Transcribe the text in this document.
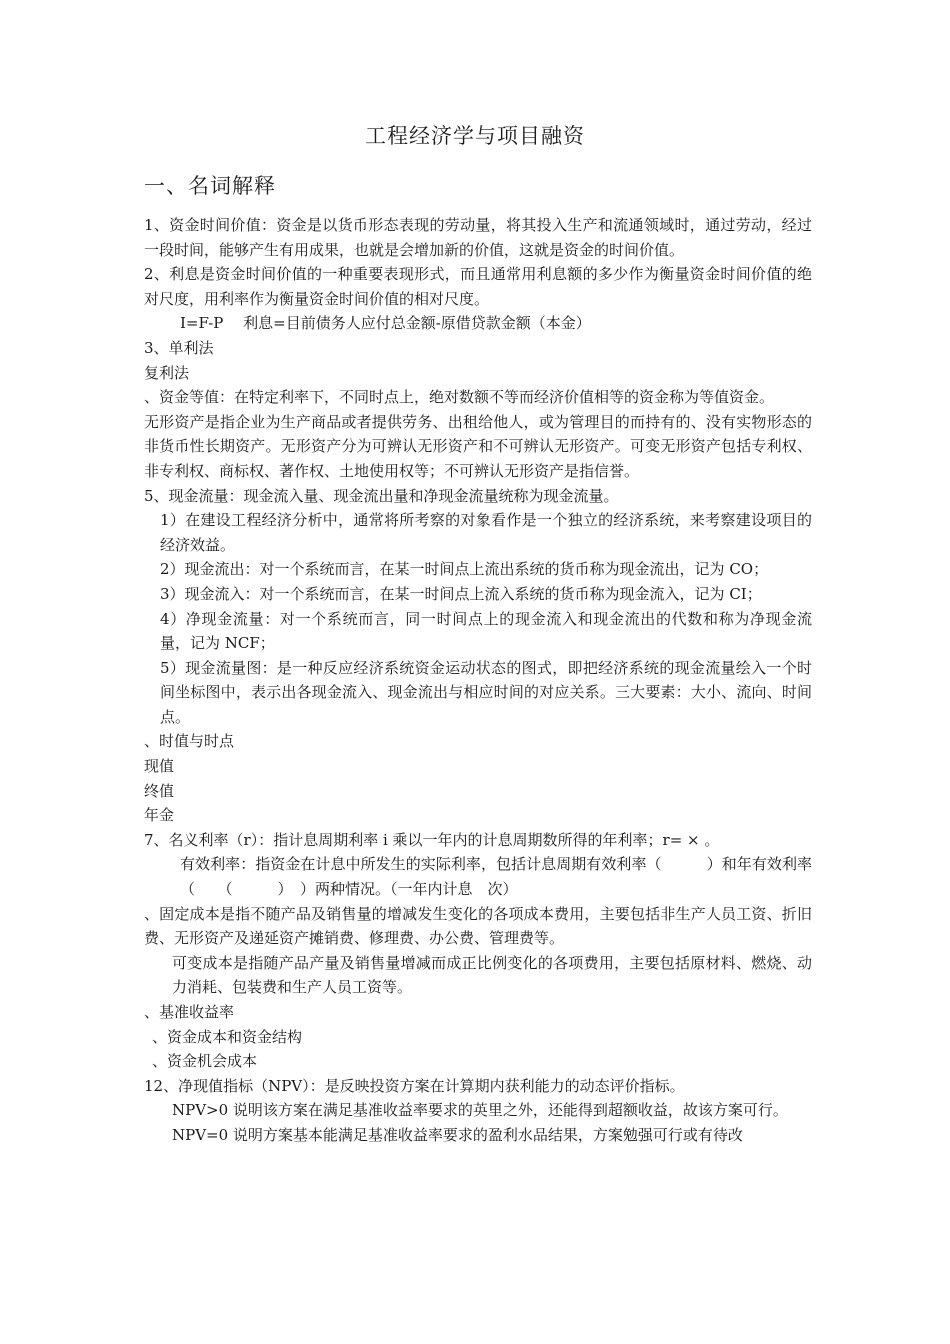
工程经济学与项目融资
一、名词解释

1、资金时间价值：资金是以货币形态表现的劳动量，将其投入生产和流通领域时，通过劳动，经过一段时间，能够产生有用成果，也就是会增加新的价值，这就是资金的时间价值。

2、利息是资金时间价值的一种重要表现形式，而且通常用利息额的多少作为衡量资金时间价值的绝对尺度，用利率作为衡量资金时间价值的相对尺度。

I=F-P　 利息=目前债务人应付总金额-原借贷款金额（本金）

3、单利法

复利法

、资金等值：在特定利率下，不同时点上，绝对数额不等而经济价值相等的资金称为等值资金。

无形资产是指企业为生产商品或者提供劳务、出租给他人，或为管理目的而持有的、没有实物形态的非货币性长期资产。无形资产分为可辨认无形资产和不可辨认无形资产。可变无形资产包括专利权、非专利权、商标权、著作权、土地使用权等；不可辨认无形资产是指信誉。

5、现金流量：现金流入量、现金流出量和净现金流量统称为现金流量。

1）在建设工程经济分析中，通常将所考察的对象看作是一个独立的经济系统，来考察建设项目的经济效益。

2）现金流出：对一个系统而言，在某一时间点上流出系统的货币称为现金流出，记为 CO；

3）现金流入：对一个系统而言，在某一时间点上流入系统的货币称为现金流入，记为 CI；

4）净现金流量：对一个系统而言，同一时间点上的现金流入和现金流出的代数和称为净现金流量，记为 NCF；

5）现金流量图：是一种反应经济系统资金运动状态的图式，即把经济系统的现金流量绘入一个时间坐标图中，表示出各现金流入、现金流出与相应时间的对应关系。三大要素：大小、流向、时间点。

、时值与时点

现值

终值

年金

7、名义利率（r）：指计息周期利率 i 乘以一年内的计息周期数所得的年利率；r= × 。

有效利率：指资金在计息中所发生的实际利率，包括计息周期有效利率（　　　）和年有效利率（　　（　　　）　）两种情况。（一年内计息　次）

、固定成本是指不随产品及销售量的增减发生变化的各项成本费用，主要包括非生产人员工资、折旧费、无形资产及递延资产摊销费、修理费、办公费、管理费等。

可变成本是指随产品产量及销售量增减而成正比例变化的各项费用，主要包括原材料、燃烧、动力消耗、包装费和生产人员工资等。

、基准收益率

、资金成本和资金结构

、资金机会成本

12、净现值指标（NPV）：是反映投资方案在计算期内获利能力的动态评价指标。

NPV>0 说明该方案在满足基准收益率要求的英里之外，还能得到超额收益，故该方案可行。

NPV=0 说明方案基本能满足基准收益率要求的盈利水品结果，方案勉强可行或有待改
